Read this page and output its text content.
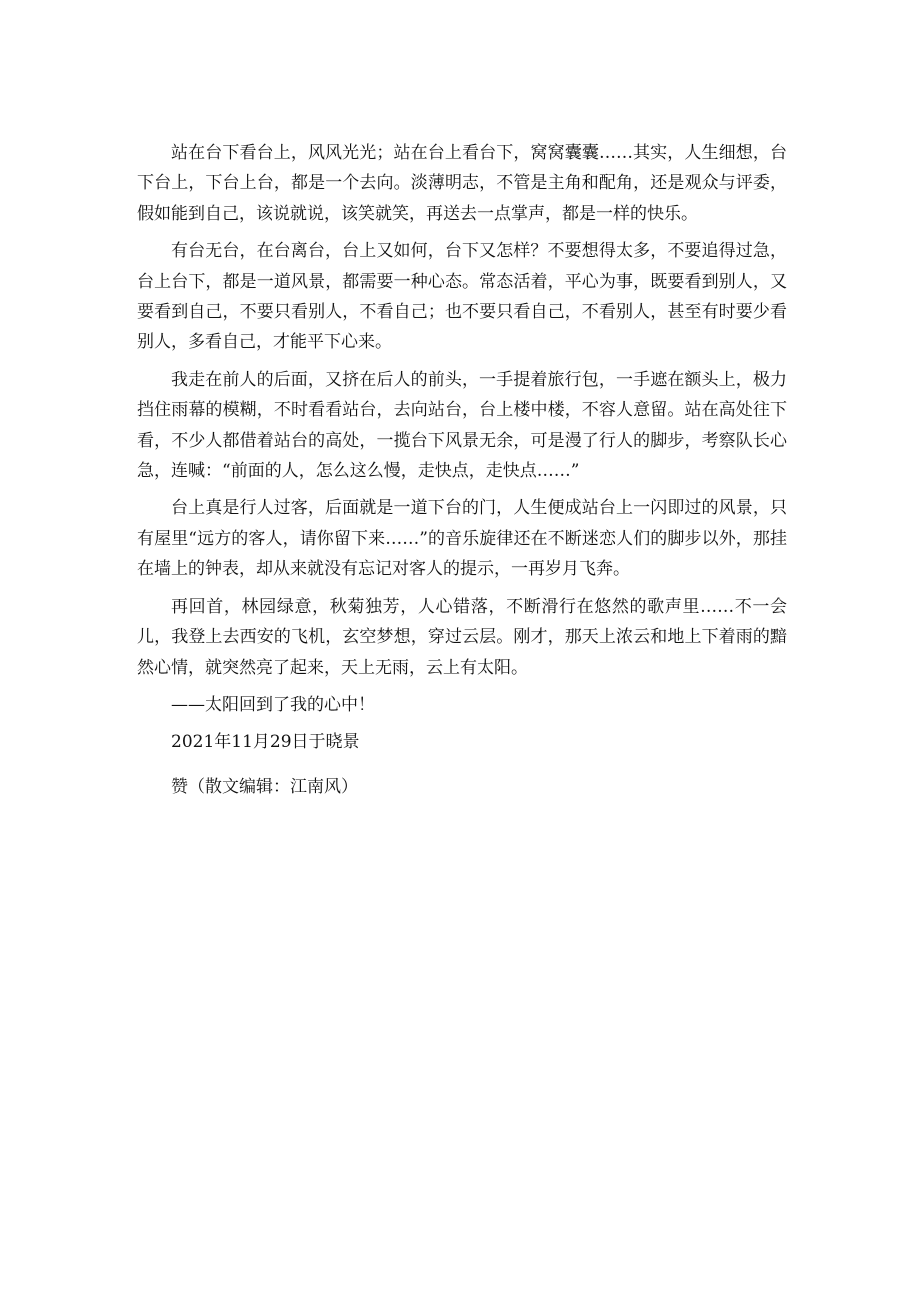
站在台下看台上，风风光光；站在台上看台下，窝窝囊囊……其实，人生细想，台下台上，下台上台，都是一个去向。淡薄明志，不管是主角和配角，还是观众与评委，假如能到自己，该说就说，该笑就笑，再送去一点掌声，都是一样的快乐。

有台无台，在台离台，台上又如何，台下又怎样？不要想得太多，不要追得过急，台上台下，都是一道风景，都需要一种心态。常态活着，平心为事，既要看到别人，又要看到自己，不要只看别人，不看自己；也不要只看自己，不看别人，甚至有时要少看别人，多看自己，才能平下心来。

我走在前人的后面，又挤在后人的前头，一手提着旅行包，一手遮在额头上，极力挡住雨幕的模糊，不时看看站台，去向站台，台上楼中楼，不容人意留。站在高处往下看，不少人都借着站台的高处，一揽台下风景无余，可是漫了行人的脚步，考察队长心急，连喊：“前面的人，怎么这么慢，走快点，走快点……”

台上真是行人过客，后面就是一道下台的门，人生便成站台上一闪即过的风景，只有屋里“远方的客人，请你留下来……”的音乐旋律还在不断迷恋人们的脚步以外，那挂在墙上的钟表，却从来就没有忘记对客人的提示，一再岁月飞奔。

再回首，林园绿意，秋菊独芳，人心错落，不断滑行在悠然的歌声里……不一会儿，我登上去西安的飞机，玄空梦想，穿过云层。刚才，那天上浓云和地上下着雨的黯然心情，就突然亮了起来，天上无雨，云上有太阳。

——太阳回到了我的心中！

2021年11月29日于晓景

赞（散文编辑：江南风）
